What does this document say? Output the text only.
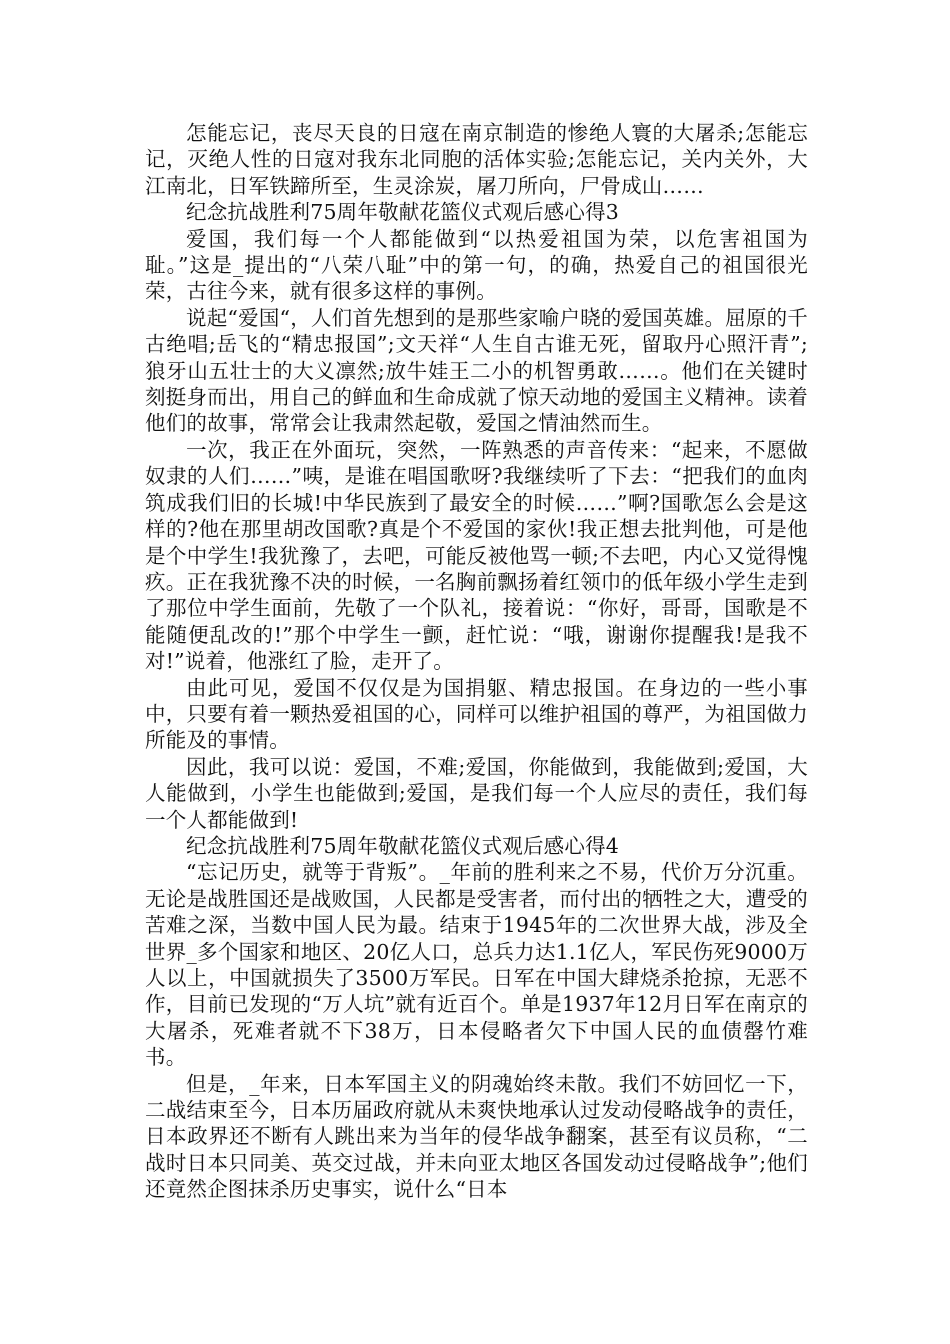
怎能忘记，丧尽天良的日寇在南京制造的惨绝人寰的大屠杀;怎能忘记，灭绝人性的日寇对我东北同胞的活体实验;怎能忘记，关内关外，大江南北，日军铁蹄所至，生灵涂炭，屠刀所向，尸骨成山……

纪念抗战胜利75周年敬献花篮仪式观后感心得3

爱国，我们每一个人都能做到“以热爱祖国为荣，以危害祖国为耻。”这是_提出的“八荣八耻”中的第一句，的确，热爱自己的祖国很光荣，古往今来，就有很多这样的事例。

说起“爱国“，人们首先想到的是那些家喻户晓的爱国英雄。屈原的千古绝唱;岳飞的“精忠报国”;文天祥“人生自古谁无死，留取丹心照汗青”;狼牙山五壮士的大义凛然;放牛娃王二小的机智勇敢……。他们在关键时刻挺身而出，用自己的鲜血和生命成就了惊天动地的爱国主义精神。读着他们的故事，常常会让我肃然起敬，爱国之情油然而生。

一次，我正在外面玩，突然，一阵熟悉的声音传来：“起来，不愿做奴隶的人们……”咦，是谁在唱国歌呀?我继续听了下去：“把我们的血肉筑成我们旧的长城!中华民族到了最安全的时候……”啊?国歌怎么会是这样的?他在那里胡改国歌?真是个不爱国的家伙!我正想去批判他，可是他是个中学生!我犹豫了，去吧，可能反被他骂一顿;不去吧，内心又觉得愧疚。正在我犹豫不决的时候，一名胸前飘扬着红领巾的低年级小学生走到了那位中学生面前，先敬了一个队礼，接着说：“你好，哥哥，国歌是不能随便乱改的!”那个中学生一颤，赶忙说：“哦，谢谢你提醒我!是我不对!”说着，他涨红了脸，走开了。

由此可见，爱国不仅仅是为国捐躯、精忠报国。在身边的一些小事中，只要有着一颗热爱祖国的心，同样可以维护祖国的尊严，为祖国做力所能及的事情。

因此，我可以说：爱国，不难;爱国，你能做到，我能做到;爱国，大人能做到，小学生也能做到;爱国，是我们每一个人应尽的责任，我们每一个人都能做到!

纪念抗战胜利75周年敬献花篮仪式观后感心得4

“忘记历史，就等于背叛”。_年前的胜利来之不易，代价万分沉重。无论是战胜国还是战败国，人民都是受害者，而付出的牺牲之大，遭受的苦难之深，当数中国人民为最。结束于1945年的二次世界大战，涉及全世界_多个国家和地区、20亿人口，总兵力达1.1亿人，军民伤死9000万人以上，中国就损失了3500万军民。日军在中国大肆烧杀抢掠，无恶不作，目前已发现的“万人坑”就有近百个。单是1937年12月日军在南京的大屠杀，死难者就不下38万，日本侵略者欠下中国人民的血债罄竹难书。

但是，_年来，日本军国主义的阴魂始终未散。我们不妨回忆一下，二战结束至今，日本历届政府就从未爽快地承认过发动侵略战争的责任，日本政界还不断有人跳出来为当年的侵华战争翻案，甚至有议员称，“二战时日本只同美、英交过战，并未向亚太地区各国发动过侵略战争”;他们还竟然企图抹杀历史事实，说什么“日本
